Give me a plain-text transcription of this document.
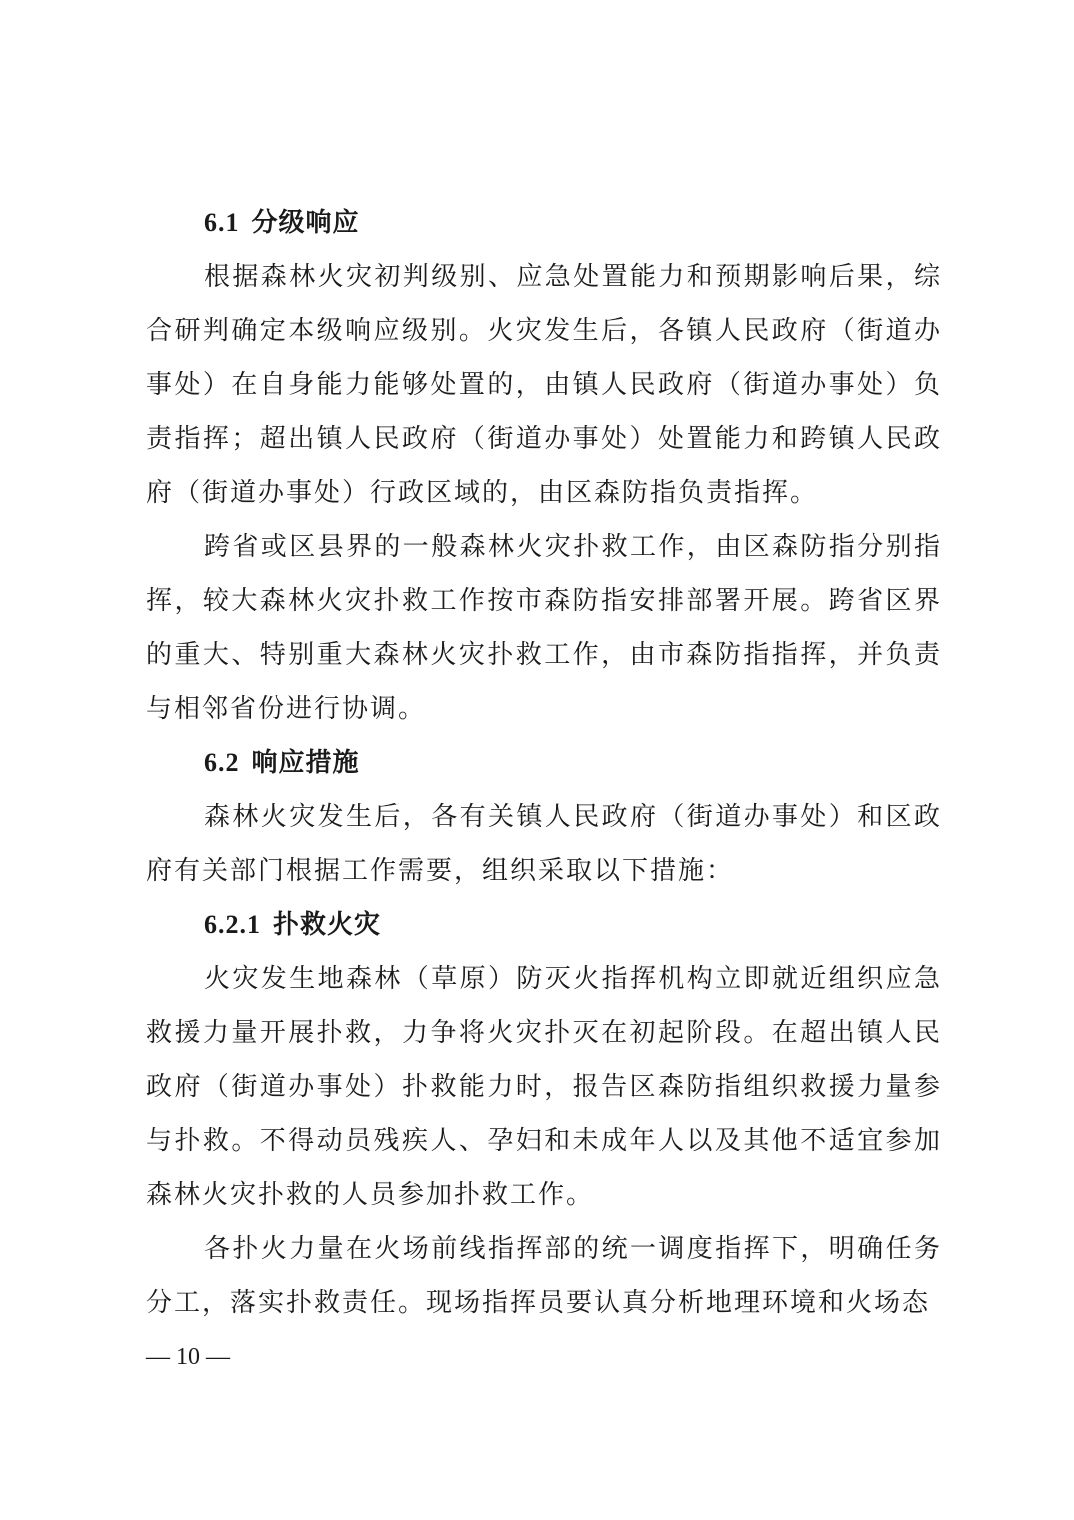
6.1 分级响应

根据森林火灾初判级别、应急处置能力和预期影响后果，综合研判确定本级响应级别。火灾发生后，各镇人民政府（街道办事处）在自身能力能够处置的，由镇人民政府（街道办事处）负责指挥；超出镇人民政府（街道办事处）处置能力和跨镇人民政府（街道办事处）行政区域的，由区森防指负责指挥。

跨省或区县界的一般森林火灾扑救工作，由区森防指分别指挥，较大森林火灾扑救工作按市森防指安排部署开展。跨省区界的重大、特别重大森林火灾扑救工作，由市森防指指挥，并负责与相邻省份进行协调。

6.2 响应措施

森林火灾发生后，各有关镇人民政府（街道办事处）和区政府有关部门根据工作需要，组织采取以下措施：

6.2.1 扑救火灾

火灾发生地森林（草原）防灭火指挥机构立即就近组织应急救援力量开展扑救，力争将火灾扑灭在初起阶段。在超出镇人民政府（街道办事处）扑救能力时，报告区森防指组织救援力量参与扑救。不得动员残疾人、孕妇和未成年人以及其他不适宜参加森林火灾扑救的人员参加扑救工作。

各扑火力量在火场前线指挥部的统一调度指挥下，明确任务分工，落实扑救责任。现场指挥员要认真分析地理环境和火场态

— 10 —
